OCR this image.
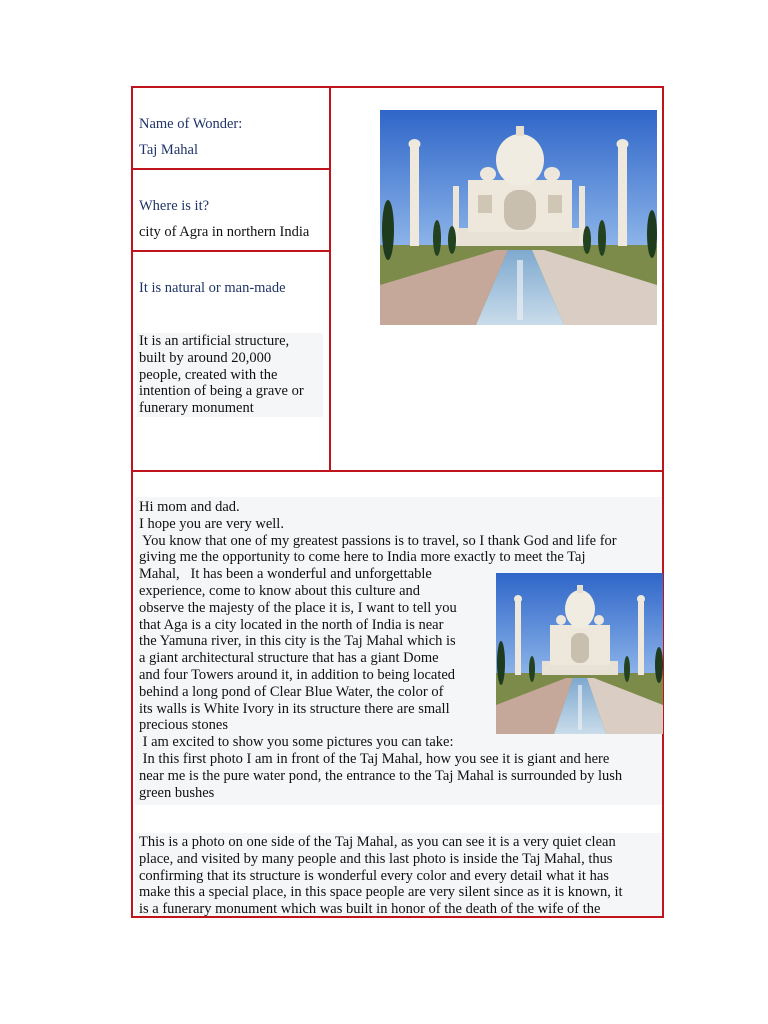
Name of Wonder:
Taj Mahal
Where is it?
city of Agra in northern India
It is natural or man-made
It is an artificial structure,
built by around 20,000
people, created with the
intention of being a grave or
funerary monument
Hi mom and dad.
I hope you are very well.
You know that one of my greatest passions is to travel, so I thank God and life for
giving me the opportunity to come here to India more exactly to meet the Taj
Mahal,   It has been a wonderful and unforgettable
experience, come to know about this culture and
observe the majesty of the place it is, I want to tell you
that Aga is a city located in the north of India is near
the Yamuna river, in this city is the Taj Mahal which is
a giant architectural structure that has a giant Dome
and four Towers around it, in addition to being located
behind a long pond of Clear Blue Water, the color of
its walls is White Ivory in its structure there are small
precious stones
I am excited to show you some pictures you can take:
In this first photo I am in front of the Taj Mahal, how you see it is giant and here
near me is the pure water pond, the entrance to the Taj Mahal is surrounded by lush
green bushes
This is a photo on one side of the Taj Mahal, as you can see it is a very quiet clean
place, and visited by many people and this last photo is inside the Taj Mahal, thus
confirming that its structure is wonderful every color and every detail what it has
make this a special place, in this space people are very silent since as it is known, it
is a funerary monument which was built in honor of the death of the wife of the
